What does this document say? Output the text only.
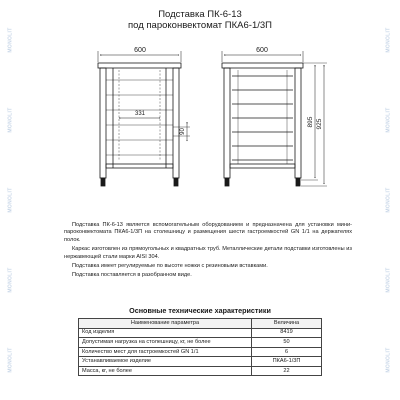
MONOLIT
MONOLIT
MONOLIT
MONOLIT
MONOLIT
MONOLIT
MONOLIT
MONOLIT
MONOLIT
MONOLIT
Подставка ПК-6-13
под пароконвектомат ПКА6-1/3П
600
331
90
600
895 925

Подставка ПК-6-13 является вспомогательным оборудованием и предназначена для установки мини-пароконвектомата ПКА6-1/3П на столешницу и размещения шести гастроемкостей GN 1/1 на держателях полок.

Каркас изготовлен из прямоугольных и квадратных труб. Металлические детали подставки изготовлены из нержавеющей стали марки AISI 304.

Подставка имеет регулируемые по высоте ножки с резиновыми вставками.

Подставка поставляется в разобранном виде.

Основные технические характеристики
Наименование параметра	Величина
Код изделия	8419
Допустимая нагрузка на столешницу, кг, не более	50
Количество мест для гастроемкостей GN 1/1	6
Устанавливаемое изделие	ПКА6-1/3П
Масса, кг, не более	22
